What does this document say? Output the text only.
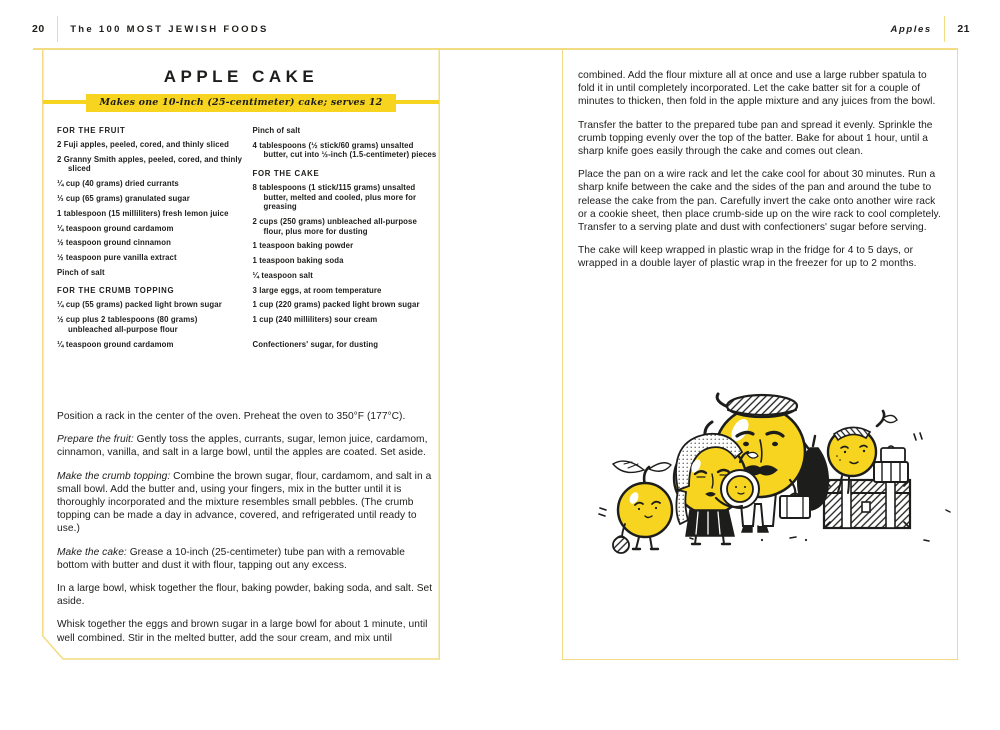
20	The 100 MOST JEWISH FOODS	Apples 21
APPLE CAKE
Makes one 10-inch (25-centimeter) cake; serves 12
FOR THE FRUIT
2 Fuji apples, peeled, cored, and thinly sliced
2 Granny Smith apples, peeled, cored, and thinly sliced
¼ cup (40 grams) dried currants
⅓ cup (65 grams) granulated sugar
1 tablespoon (15 milliliters) fresh lemon juice
¼ teaspoon ground cardamom
½ teaspoon ground cinnamon
½ teaspoon pure vanilla extract
Pinch of salt
FOR THE CRUMB TOPPING
¼ cup (55 grams) packed light brown sugar
½ cup plus 2 tablespoons (80 grams) unbleached all-purpose flour
¼ teaspoon ground cardamom
Pinch of salt
4 tablespoons (½ stick/60 grams) unsalted butter, cut into ½-inch (1.5-centimeter) pieces
FOR THE CAKE
8 tablespoons (1 stick/115 grams) unsalted butter, melted and cooled, plus more for greasing
2 cups (250 grams) unbleached all-purpose flour, plus more for dusting
1 teaspoon baking powder
1 teaspoon baking soda
¼ teaspoon salt
3 large eggs, at room temperature
1 cup (220 grams) packed light brown sugar
1 cup (240 milliliters) sour cream
Confectioners' sugar, for dusting

Position a rack in the center of the oven. Preheat the oven to 350°F (177°C).

Prepare the fruit: Gently toss the apples, currants, sugar, lemon juice, cardamom, cinnamon, vanilla, and salt in a large bowl, until the apples are coated. Set aside.

Make the crumb topping: Combine the brown sugar, flour, cardamom, and salt in a small bowl. Add the butter and, using your fingers, mix in the butter until it is thoroughly incorporated and the mixture resembles small pebbles. (The crumb topping can be made a day in advance, covered, and refrigerated until ready to use.)

Make the cake: Grease a 10-inch (25-centimeter) tube pan with a removable bottom with butter and dust it with flour, tapping out any excess.

In a large bowl, whisk together the flour, baking powder, baking soda, and salt. Set aside.

Whisk together the eggs and brown sugar in a large bowl for about 1 minute, until well combined. Stir in the melted butter, add the sour cream, and mix until

combined. Add the flour mixture all at once and use a large rubber spatula to fold it in until completely incorporated. Let the cake batter sit for a couple of minutes to thicken, then fold in the apple mixture and any juices from the bowl.

Transfer the batter to the prepared tube pan and spread it evenly. Sprinkle the crumb topping evenly over the top of the batter. Bake for about 1 hour, until a sharp knife goes easily through the cake and comes out clean.

Place the pan on a wire rack and let the cake cool for about 30 minutes. Run a sharp knife between the cake and the sides of the pan and around the tube to release the cake from the pan. Carefully invert the cake onto another wire rack or a cookie sheet, then place crumb-side up on the wire rack to cool completely. Transfer to a serving plate and dust with confectioners' sugar before serving.

The cake will keep wrapped in plastic wrap in the fridge for 4 to 5 days, or wrapped in a double layer of plastic wrap in the freezer for up to 2 months.
